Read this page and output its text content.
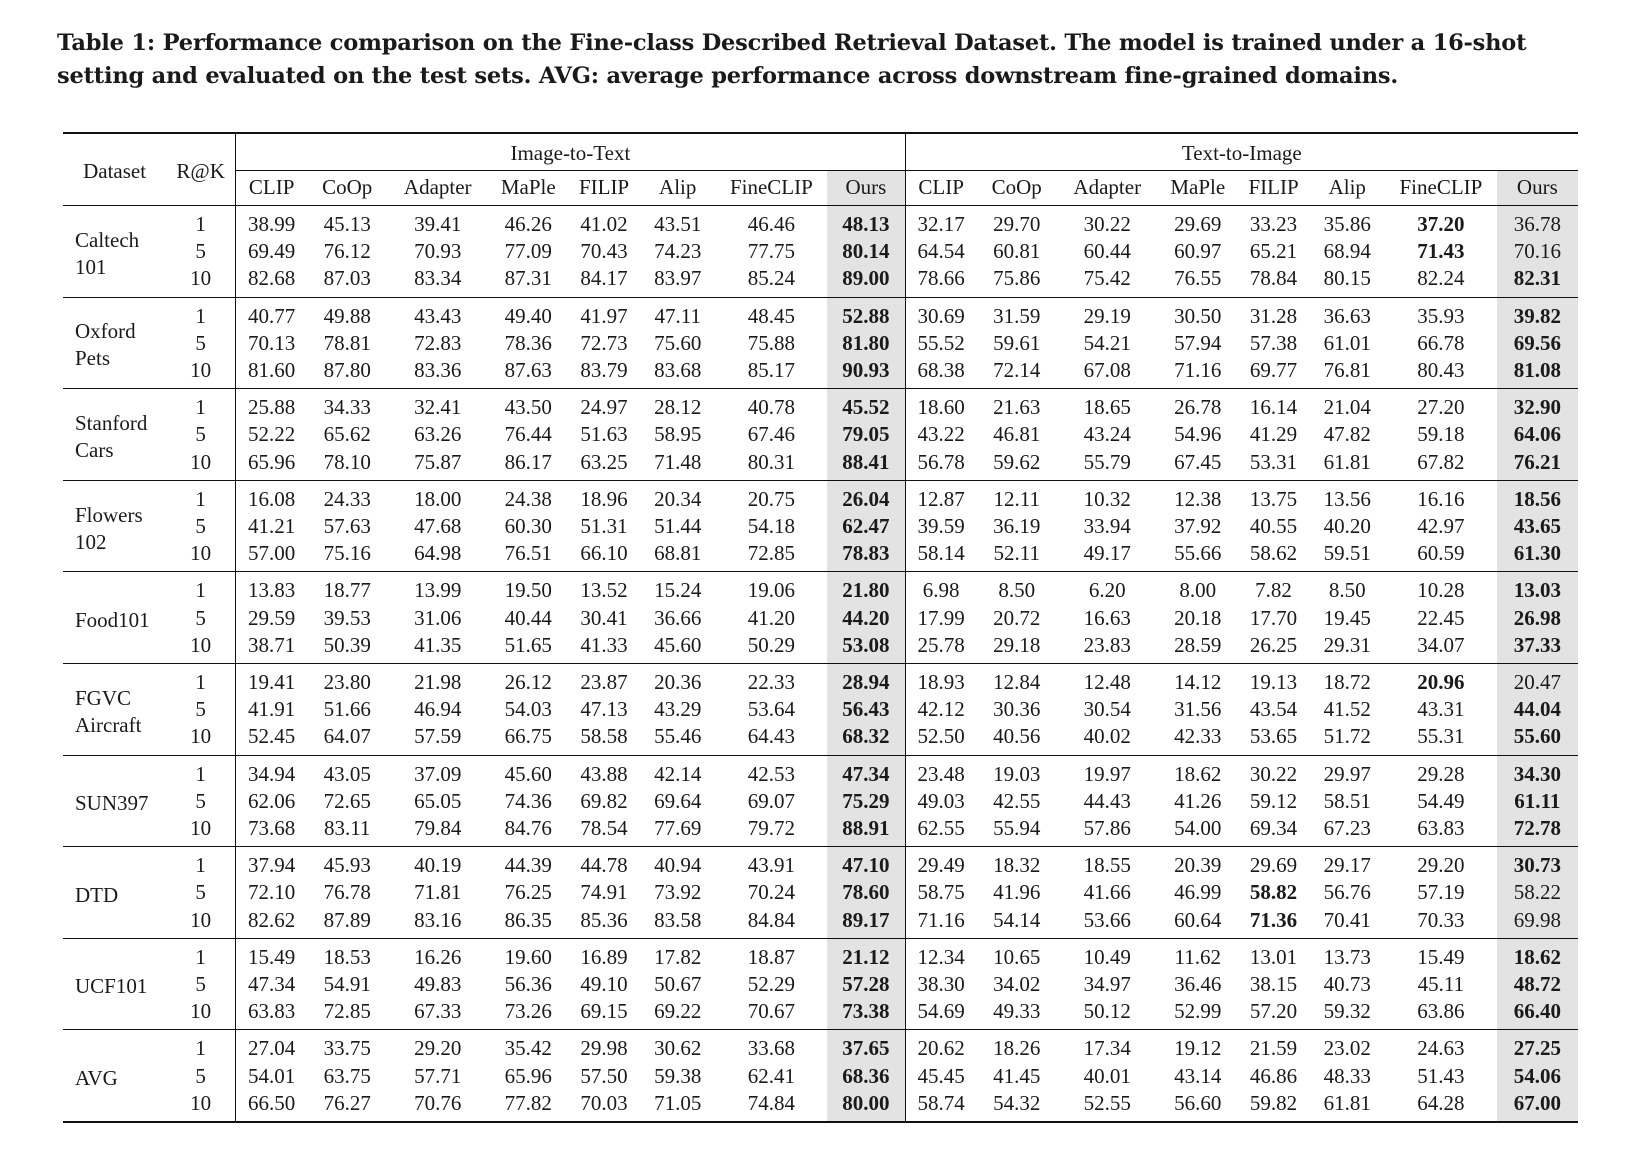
Table 1: Performance comparison on the Fine-class Described Retrieval Dataset. The model is trained under a 16-shot setting and evaluated on the test sets. AVG: average performance across downstream fine-grained domains.
Dataset	R@K	Image-to-Text								Text-to-Image							
		CLIP	CoOp	Adapter	MaPle	FILIP	Alip	FineCLIP	Ours	CLIP	CoOp	Adapter	MaPle	FILIP	Alip	FineCLIP	Ours

Caltech
101	1	38.99	45.13	39.41	46.26	41.02	43.51	46.46	48.13	32.17	29.70	30.22	29.69	33.23	35.86	37.20	36.78
	5	69.49	76.12	70.93	77.09	70.43	74.23	77.75	80.14	64.54	60.81	60.44	60.97	65.21	68.94	71.43	70.16
	10	82.68	87.03	83.34	87.31	84.17	83.97	85.24	89.00	78.66	75.86	75.42	76.55	78.84	80.15	82.24	82.31

Oxford
Pets	1	40.77	49.88	43.43	49.40	41.97	47.11	48.45	52.88	30.69	31.59	29.19	30.50	31.28	36.63	35.93	39.82
	5	70.13	78.81	72.83	78.36	72.73	75.60	75.88	81.80	55.52	59.61	54.21	57.94	57.38	61.01	66.78	69.56
	10	81.60	87.80	83.36	87.63	83.79	83.68	85.17	90.93	68.38	72.14	67.08	71.16	69.77	76.81	80.43	81.08

Stanford
Cars	1	25.88	34.33	32.41	43.50	24.97	28.12	40.78	45.52	18.60	21.63	18.65	26.78	16.14	21.04	27.20	32.90
	5	52.22	65.62	63.26	76.44	51.63	58.95	67.46	79.05	43.22	46.81	43.24	54.96	41.29	47.82	59.18	64.06
	10	65.96	78.10	75.87	86.17	63.25	71.48	80.31	88.41	56.78	59.62	55.79	67.45	53.31	61.81	67.82	76.21

Flowers
102	1	16.08	24.33	18.00	24.38	18.96	20.34	20.75	26.04	12.87	12.11	10.32	12.38	13.75	13.56	16.16	18.56
	5	41.21	57.63	47.68	60.30	51.31	51.44	54.18	62.47	39.59	36.19	33.94	37.92	40.55	40.20	42.97	43.65
	10	57.00	75.16	64.98	76.51	66.10	68.81	72.85	78.83	58.14	52.11	49.17	55.66	58.62	59.51	60.59	61.30

Food101	1	13.83	18.77	13.99	19.50	13.52	15.24	19.06	21.80	6.98	8.50	6.20	8.00	7.82	8.50	10.28	13.03
	5	29.59	39.53	31.06	40.44	30.41	36.66	41.20	44.20	17.99	20.72	16.63	20.18	17.70	19.45	22.45	26.98
	10	38.71	50.39	41.35	51.65	41.33	45.60	50.29	53.08	25.78	29.18	23.83	28.59	26.25	29.31	34.07	37.33

FGVC
Aircraft	1	19.41	23.80	21.98	26.12	23.87	20.36	22.33	28.94	18.93	12.84	12.48	14.12	19.13	18.72	20.96	20.47
	5	41.91	51.66	46.94	54.03	47.13	43.29	53.64	56.43	42.12	30.36	30.54	31.56	43.54	41.52	43.31	44.04
	10	52.45	64.07	57.59	66.75	58.58	55.46	64.43	68.32	52.50	40.56	40.02	42.33	53.65	51.72	55.31	55.60

SUN397	1	34.94	43.05	37.09	45.60	43.88	42.14	42.53	47.34	23.48	19.03	19.97	18.62	30.22	29.97	29.28	34.30
	5	62.06	72.65	65.05	74.36	69.82	69.64	69.07	75.29	49.03	42.55	44.43	41.26	59.12	58.51	54.49	61.11
	10	73.68	83.11	79.84	84.76	78.54	77.69	79.72	88.91	62.55	55.94	57.86	54.00	69.34	67.23	63.83	72.78

DTD	1	37.94	45.93	40.19	44.39	44.78	40.94	43.91	47.10	29.49	18.32	18.55	20.39	29.69	29.17	29.20	30.73
	5	72.10	76.78	71.81	76.25	74.91	73.92	70.24	78.60	58.75	41.96	41.66	46.99	58.82	56.76	57.19	58.22
	10	82.62	87.89	83.16	86.35	85.36	83.58	84.84	89.17	71.16	54.14	53.66	60.64	71.36	70.41	70.33	69.98

UCF101	1	15.49	18.53	16.26	19.60	16.89	17.82	18.87	21.12	12.34	10.65	10.49	11.62	13.01	13.73	15.49	18.62
	5	47.34	54.91	49.83	56.36	49.10	50.67	52.29	57.28	38.30	34.02	34.97	36.46	38.15	40.73	45.11	48.72
	10	63.83	72.85	67.33	73.26	69.15	69.22	70.67	73.38	54.69	49.33	50.12	52.99	57.20	59.32	63.86	66.40

AVG	1	27.04	33.75	29.20	35.42	29.98	30.62	33.68	37.65	20.62	18.26	17.34	19.12	21.59	23.02	24.63	27.25
	5	54.01	63.75	57.71	65.96	57.50	59.38	62.41	68.36	45.45	41.45	40.01	43.14	46.86	48.33	51.43	54.06
	10	66.50	76.27	70.76	77.82	70.03	71.05	74.84	80.00	58.74	54.32	52.55	56.60	59.82	61.81	64.28	67.00
